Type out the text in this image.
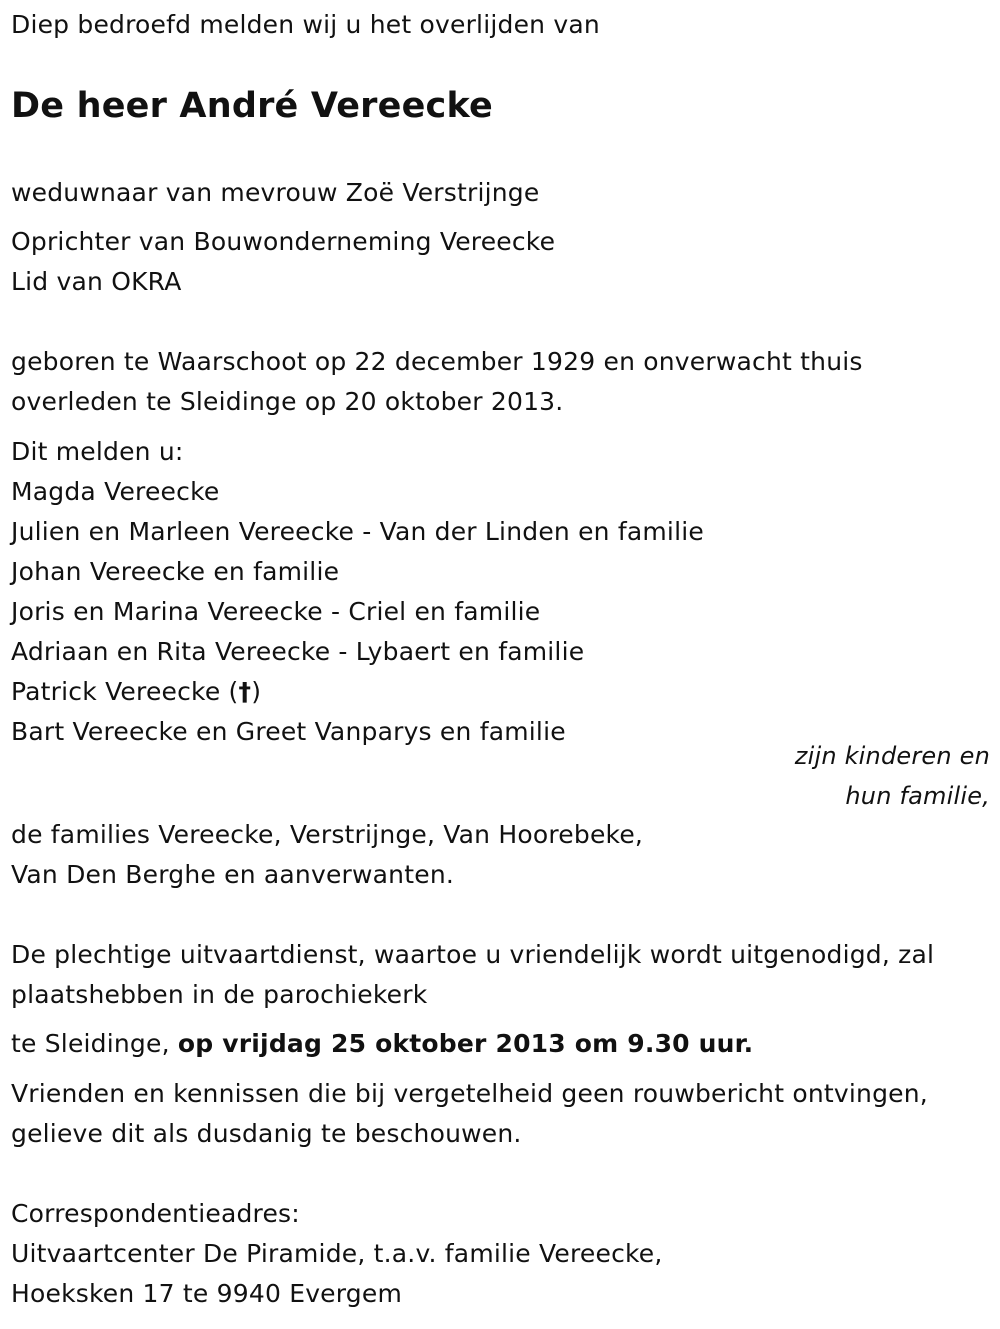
Diep bedroefd melden wij u het overlijden van
De heer André Vereecke
weduwnaar van mevrouw Zoë Verstrijnge
Oprichter van Bouwonderneming Vereecke
Lid van OKRA
geboren te Waarschoot op 22 december 1929 en onverwacht thuis
overleden te Sleidinge op 20 oktober 2013.
Dit melden u:
Magda Vereecke
Julien en Marleen Vereecke - Van der Linden en familie
Johan Vereecke en familie
Joris en Marina Vereecke - Criel en familie
Adriaan en Rita Vereecke - Lybaert en familie
Patrick Vereecke (†)
Bart Vereecke en Greet Vanparys en familie
zijn kinderen en
hun familie,
de families Vereecke, Verstrijnge, Van Hoorebeke,
Van Den Berghe en aanverwanten.
De plechtige uitvaartdienst, waartoe u vriendelijk wordt uitgenodigd, zal
plaatshebben in de parochiekerk
te Sleidinge, op vrijdag 25 oktober 2013 om 9.30 uur.
Vrienden en kennissen die bij vergetelheid geen rouwbericht ontvingen,
gelieve dit als dusdanig te beschouwen.
Correspondentieadres:
Uitvaartcenter De Piramide, t.a.v. familie Vereecke,
Hoeksken 17 te 9940 Evergem
